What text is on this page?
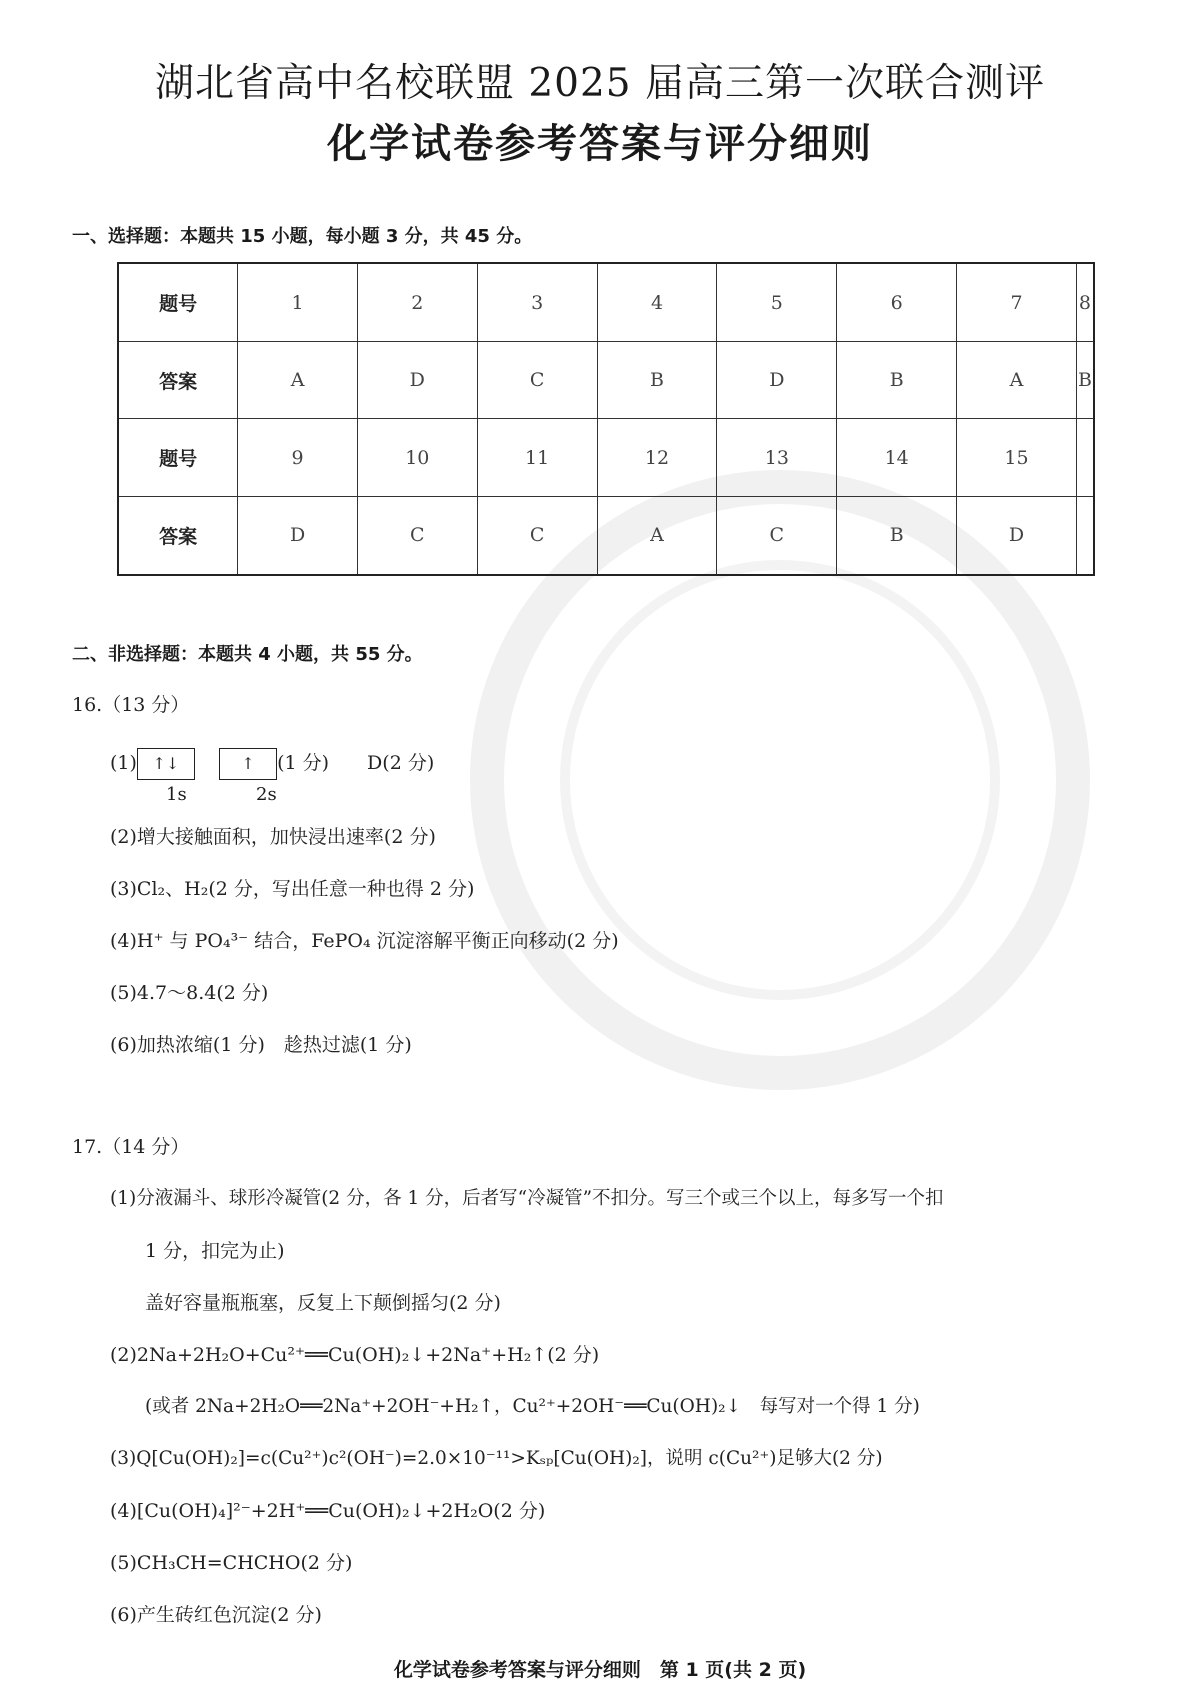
湖北省高中名校联盟 2025 届高三第一次联合测评
化学试卷参考答案与评分细则
一、选择题：本题共 15 小题，每小题 3 分，共 45 分。
题号	1	2	3	4	5	6	7	8
答案	A	D	C	B	D	B	A	B
题号	9	10	11	12	13	14	15	
答案	D	C	C	A	C	B	D	
二、非选择题：本题共 4 小题，共 55 分。
16.（13 分）
(1) ↑↓	↑ (1 分)　　D(2 分)
1s	2s
(2)增大接触面积，加快浸出速率(2 分)
(3)Cl₂、H₂(2 分，写出任意一种也得 2 分)
(4)H⁺ 与 PO₄³⁻ 结合，FePO₄ 沉淀溶解平衡正向移动(2 分)
(5)4.7～8.4(2 分)
(6)加热浓缩(1 分)　趁热过滤(1 分)
17.（14 分）
(1)分液漏斗、球形冷凝管(2 分，各 1 分，后者写“冷凝管”不扣分。写三个或三个以上，每多写一个扣
1 分，扣完为止)
盖好容量瓶瓶塞，反复上下颠倒摇匀(2 分)
(2)2Na+2H₂O+Cu²⁺══Cu(OH)₂↓+2Na⁺+H₂↑(2 分)
(或者 2Na+2H₂O══2Na⁺+2OH⁻+H₂↑，Cu²⁺+2OH⁻══Cu(OH)₂↓　每写对一个得 1 分)
(3)Q[Cu(OH)₂]=c(Cu²⁺)c²(OH⁻)=2.0×10⁻¹¹>Kₛₚ[Cu(OH)₂]，说明 c(Cu²⁺)足够大(2 分)
(4)[Cu(OH)₄]²⁻+2H⁺══Cu(OH)₂↓+2H₂O(2 分)
(5)CH₃CH=CHCHO(2 分)
(6)产生砖红色沉淀(2 分)
化学试卷参考答案与评分细则　第 1 页(共 2 页)
